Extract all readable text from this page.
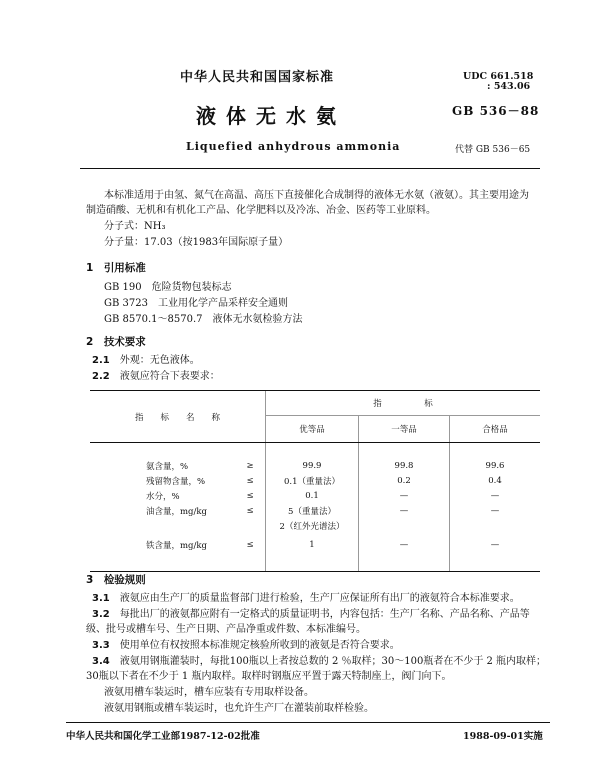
中华人民共和国国家标准	UDC 661.518
: 543.06
液体无水氨	GB 536－88
Liquefied anhydrous ammonia	代替 GB 536－65
本标准适用于由氢、氮气在高温、高压下直接催化合成制得的液体无水氨（液氨）。其主要用途为
制造硝酸、无机和有机化工产品、化学肥料以及冷冻、冶金、医药等工业原料。
分子式：NH₃
分子量：17.03（按1983年国际原子量）
1　 引用标准
GB 190　 危险货物包装标志
GB 3723　 工业用化学产品采样安全通则
GB 8570.1～8570.7　 液体无水氨检验方法
2　 技术要求
2.1　 外观：无色液体。
2.2　 液氨应符合下表要求：
指　　标　　名　　称		指　　　　　标		
		优等品	一等品	合格品

氨含量，%	≥	99.9	99.8	99.6
残留物含量，%	≤	0.1（重量法）	0.2	0.4
水分，%	≤	0.1	—	—
油含量，mg/kg	≤	5（重量法）	—	—
		2（红外光谱法）		
铁含量，mg/kg	≤	1	—	—

3　 检验规则
3.1　 液氨应由生产厂的质量监督部门进行检验，生产厂应保证所有出厂的液氨符合本标准要求。
3.2　 每批出厂的液氨都应附有一定格式的质量证明书，内容包括：生产厂名称、产品名称、产品等
级、批号或槽车号、生产日期、产品净重或件数、本标准编号。
3.3　 使用单位有权按照本标准规定核验所收到的液氨是否符合要求。
3.4　 液氨用钢瓶灌装时，每批100瓶以上者按总数的 2 ％取样；30～100瓶者在不少于 2 瓶内取样；
30瓶以下者在不少于 1 瓶内取样。取样时钢瓶应平置于露天特制座上，阀门向下。
液氨用槽车装运时，槽车应装有专用取样设备。
液氨用钢瓶或槽车装运时，也允许生产厂在灌装前取样检验。
中华人民共和国化学工业部1987-12-02批准	1988-09-01实施
